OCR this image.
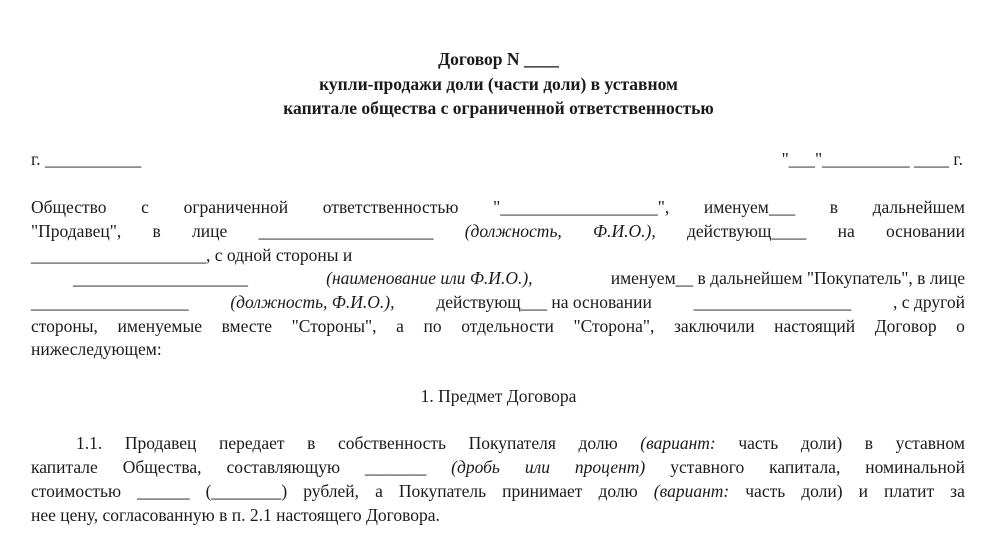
Договор N ____
купли-продажи доли (части доли) в уставном
капитале общества с ограниченной ответственностью
г. ___________	"___"__________ ____ г.
Общество с ограниченной ответственностью "__________________", именуем___ в дальнейшем
"Продавец", в лице ____________________ (должность, Ф.И.О.), действующ____ на основании
____________________, с одной стороны и
____________________	(наименование или Ф.И.О.),	именуем__ в дальнейшем "Покупатель", в лице
__________________ (должность, Ф.И.О.), действующ___ на основании __________________ , с другой
стороны, именуемые вместе "Стороны", а по отдельности "Сторона", заключили настоящий Договор о
нижеследующем:
1. Предмет Договора
1.1. Продавец передает в собственность Покупателя долю (вариант: часть доли) в уставном
капитале Общества, составляющую _______ (дробь или процент) уставного капитала, номинальной
стоимостью ______ (________) рублей, а Покупатель принимает долю (вариант: часть доли) и платит за
нее цену, согласованную в п. 2.1 настоящего Договора.
